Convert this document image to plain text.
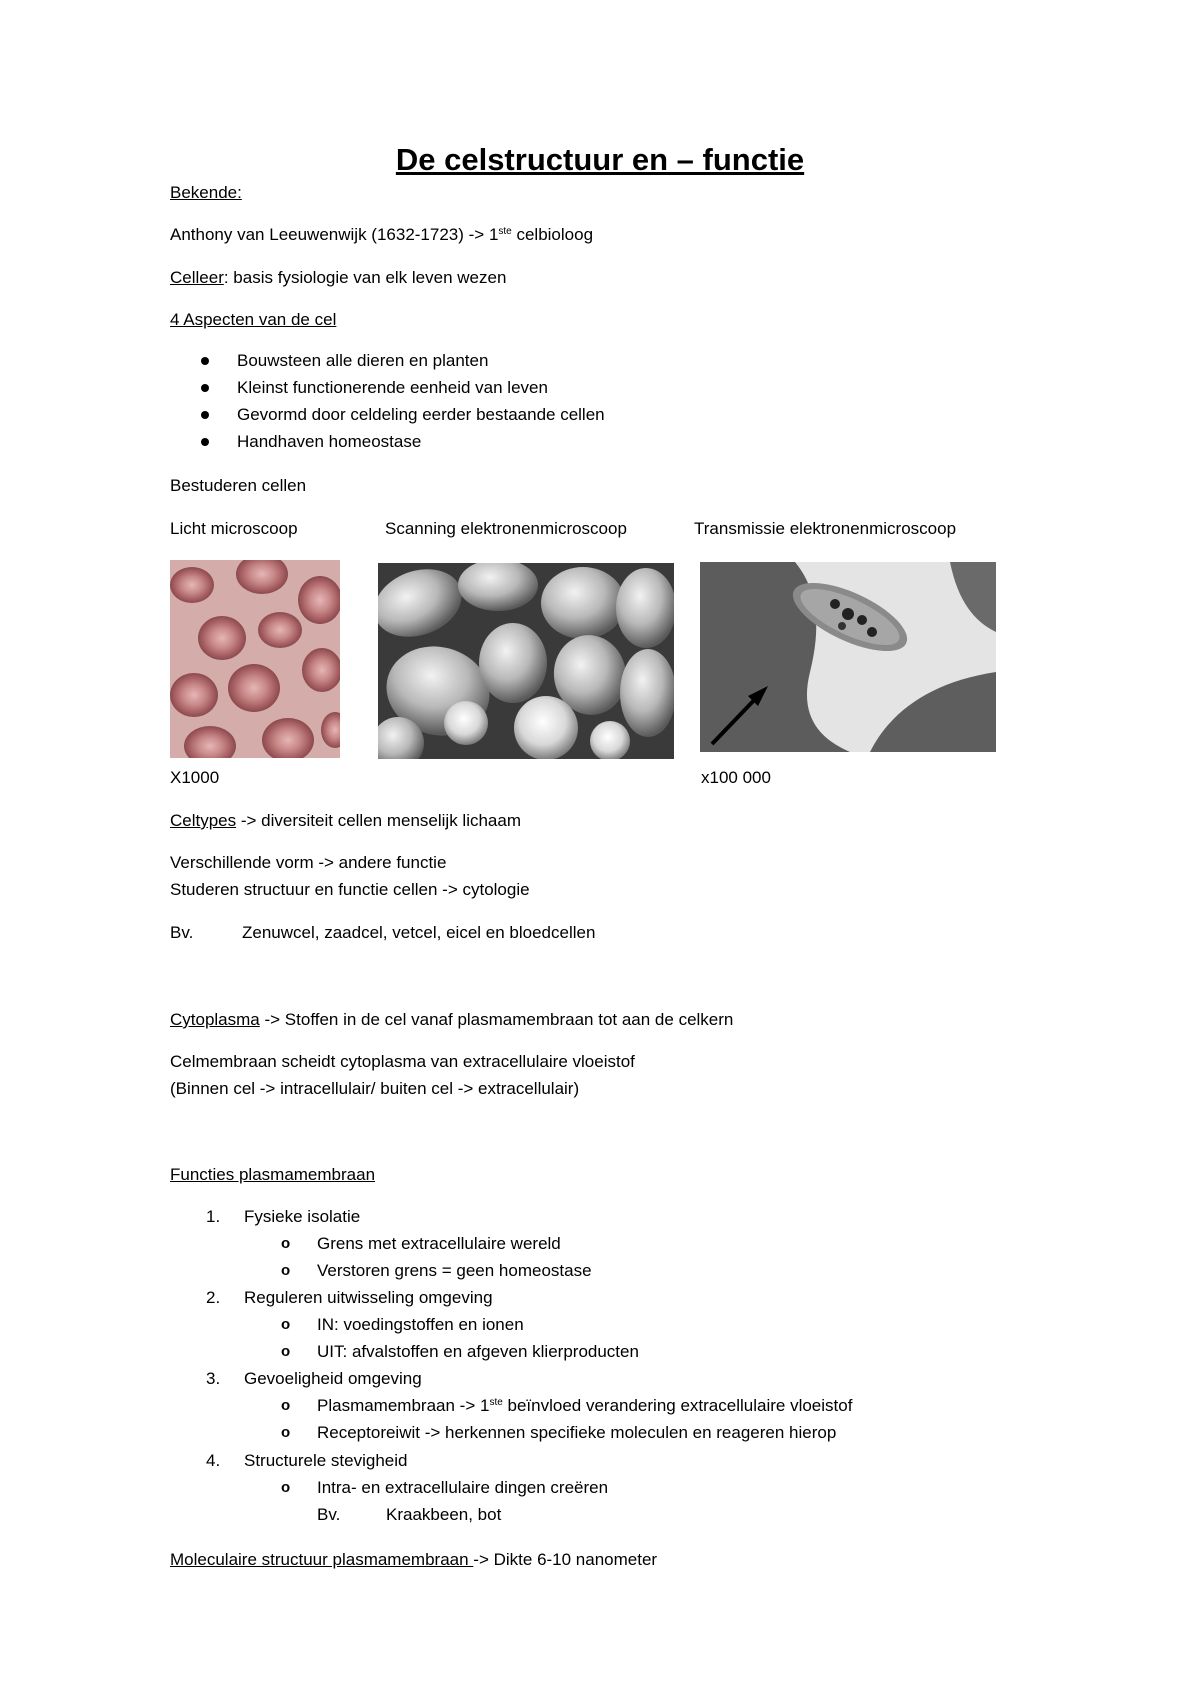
De celstructuur en – functie
Bekende:
Anthony van Leeuwenwijk (1632-1723) -> 1ste celbioloog
Celleer: basis fysiologie van elk leven wezen
4 Aspecten van de cel
Bouwsteen alle dieren en planten
Kleinst functionerende eenheid van leven
Gevormd door celdeling eerder bestaande cellen
Handhaven homeostase
Bestuderen cellen
Licht microscoop	Scanning elektronenmicroscoop	Transmissie elektronenmicroscoop
X1000	x100 000
Celtypes -> diversiteit cellen menselijk lichaam
Verschillende vorm -> andere functie
Studeren structuur en functie cellen -> cytologie
Bv.	Zenuwcel, zaadcel, vetcel, eicel en bloedcellen
Cytoplasma -> Stoffen in de cel vanaf plasmamembraan tot aan de celkern
Celmembraan scheidt cytoplasma van extracellulaire vloeistof
(Binnen cel -> intracellulair/ buiten cel -> extracellulair)
Functies plasmamembraan
1. Fysieke isolatie
o Grens met extracellulaire wereld
o Verstoren grens = geen homeostase
2. Reguleren uitwisseling omgeving
o IN: voedingstoffen en ionen
o UIT: afvalstoffen en afgeven klierproducten
3. Gevoeligheid omgeving
o Plasmamembraan -> 1ste beïnvloed verandering extracellulaire vloeistof
o Receptoreiwit -> herkennen specifieke moleculen en reageren hierop
4. Structurele stevigheid
o Intra- en extracellulaire dingen creëren
Bv.	Kraakbeen, bot
Moleculaire structuur plasmamembraan -> Dikte 6-10 nanometer
